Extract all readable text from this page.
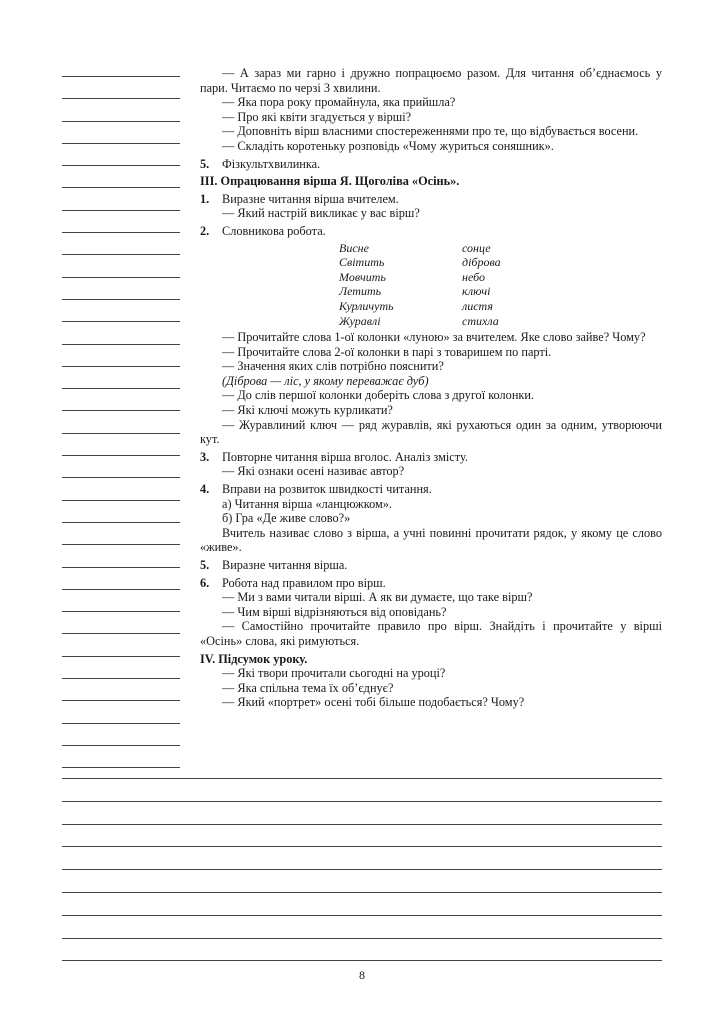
— А зараз ми гарно і дружно попрацюємо разом. Для читання об’єднаємось у пари. Читаємо по черзі 3 хвилини.

— Яка пора року промайнула, яка прийшла?

— Про які квіти згадується у вірші?

— Доповніть вірш власними спостереженнями про те, що відбувається восени.

— Складіть коротеньку розповідь «Чому журиться соняшник».

5.	Фізкультхвилинка.

III. Опрацювання вірша Я. Щоголіва «Осінь».

1.	Виразне читання вірша вчителем.

— Який настрій викликає у вас вірш?

2.	Словникова робота.
Висне	сонце
Світить	діброва
Мовчить	небо
Летить	ключі
Курличуть	листя
Журавлі	стихла

— Прочитайте слова 1-ої колонки «луною» за вчителем. Яке слово зайве? Чому?

— Прочитайте слова 2-ої колонки в парі з товаришем по парті.

— Значення яких слів потрібно пояснити?

(Діброва — ліс, у якому переважає дуб)

— До слів першої колонки доберіть слова з другої колонки.

— Які ключі можуть курликати?

— Журавлиний ключ — ряд журавлів, які рухаються один за одним, утворюючи кут.

3.	Повторне читання вірша вголос. Аналіз змісту.

— Які ознаки осені називає автор?

4.	Вправи на розвиток швидкості читання.

а) Читання вірша «ланцюжком».

б) Гра «Де живе слово?»

Вчитель називає слово з вірша, а учні повинні прочитати рядок, у якому це слово «живе».

5.	Виразне читання вірша.
6.	Робота над правилом про вірш.

— Ми з вами читали вірші. А як ви думаєте, що таке вірш?

— Чим вірші відрізняються від оповідань?

— Самостійно прочитайте правило про вірш. Знайдіть і прочитайте у вірші «Осінь» слова, які римуються.

IV. Підсумок уроку.

— Які твори прочитали сьогодні на уроці?

— Яка спільна тема їх об’єднує?

— Який «портрет» осені тобі більше подобається? Чому?

8
